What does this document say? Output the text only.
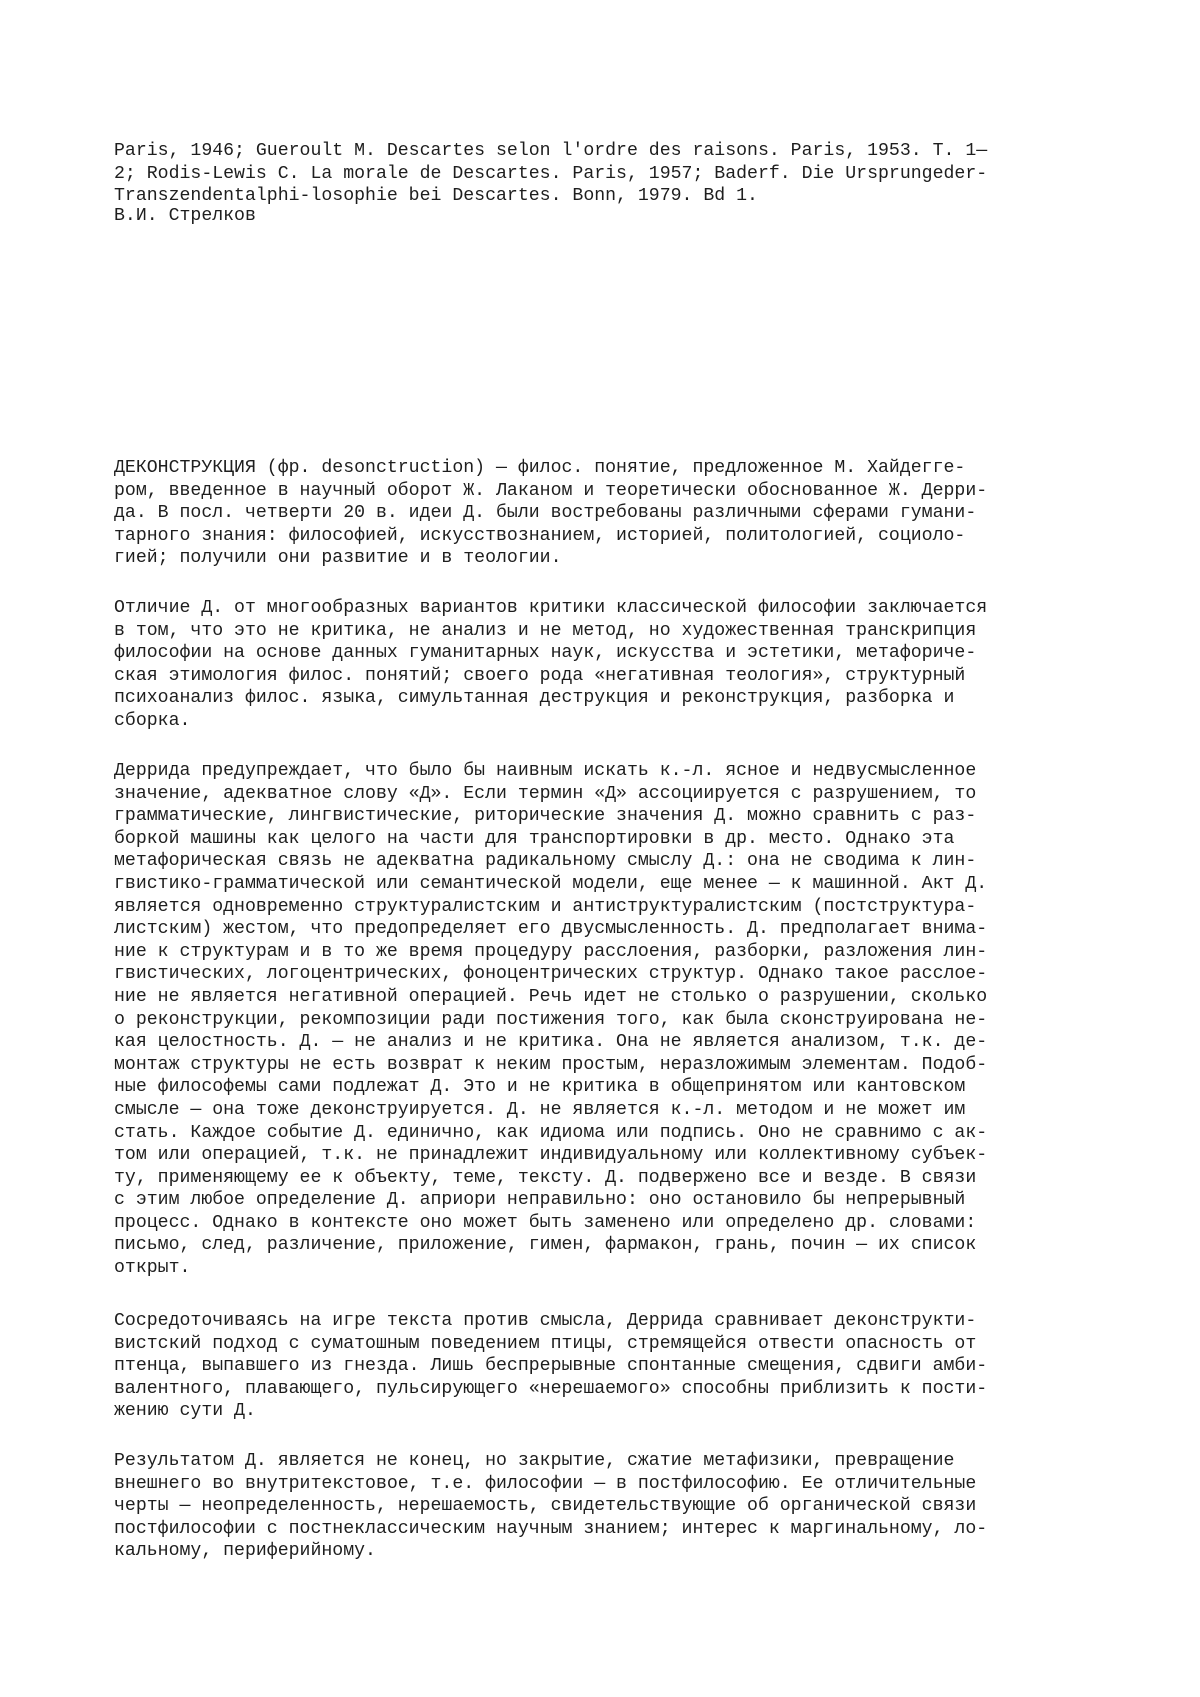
Paris, 1946; Gueroult M. Descartes selon l'ordre des raisons. Paris, 1953. T. 1—
2; Rodis-Lewis C. La morale de Descartes. Paris, 1957; Baderf. Die Ursprungeder-
Transzendentalphi-losophie bei Descartes. Bonn, 1979. Bd 1.
В.И. Стрелков
ДЕКОНСТРУКЦИЯ (фр. desonctruction) — филос. понятие, предложенное М. Хайдегге-
ром, введенное в научный оборот Ж. Лаканом и теоретически обоснованное Ж. Дерри-
да. В посл. четверти 20 в. идеи Д. были востребованы различными сферами гумани-
тарного знания: философией, искусствознанием, историей, политологией, социоло-
гией; получили они развитие и в теологии.
Отличие Д. от многообразных вариантов критики классической философии заключается
в том, что это не критика, не анализ и не метод, но художественная транскрипция
философии на основе данных гуманитарных наук, искусства и эстетики, метафориче-
ская этимология филос. понятий; своего рода «негативная теология», структурный
психоанализ филос. языка, симультанная деструкция и реконструкция, разборка и
сборка.
Деррида предупреждает, что было бы наивным искать к.-л. ясное и недвусмысленное
значение, адекватное слову «Д». Если термин «Д» ассоциируется с разрушением, то
грамматические, лингвистические, риторические значения Д. можно сравнить с раз-
боркой машины как целого на части для транспортировки в др. место. Однако эта
метафорическая связь не адекватна радикальному смыслу Д.: она не сводима к лин-
гвистико-грамматической или семантической модели, еще менее — к машинной. Акт Д.
является одновременно структуралистским и антиструктуралистским (постструктура-
листским) жестом, что предопределяет его двусмысленность. Д. предполагает внима-
ние к структурам и в то же время процедуру расслоения, разборки, разложения лин-
гвистических, логоцентрических, фоноцентрических структур. Однако такое расслое-
ние не является негативной операцией. Речь идет не столько о разрушении, сколько
о реконструкции, рекомпозиции ради постижения того, как была сконструирована не-
кая целостность. Д. — не анализ и не критика. Она не является анализом, т.к. де-
монтаж структуры не есть возврат к неким простым, неразложимым элементам. Подоб-
ные философемы сами подлежат Д. Это и не критика в общепринятом или кантовском
смысле — она тоже деконструируется. Д. не является к.-л. методом и не может им
стать. Каждое событие Д. единично, как идиома или подпись. Оно не сравнимо с ак-
том или операцией, т.к. не принадлежит индивидуальному или коллективному субъек-
ту, применяющему ее к объекту, теме, тексту. Д. подвержено все и везде. В связи
с этим любое определение Д. априори неправильно: оно остановило бы непрерывный
процесс. Однако в контексте оно может быть заменено или определено др. словами:
письмо, след, различение, приложение, гимен, фармакон, грань, почин — их список
открыт.
Сосредоточиваясь на игре текста против смысла, Деррида сравнивает деконструкти-
вистский подход с суматошным поведением птицы, стремящейся отвести опасность от
птенца, выпавшего из гнезда. Лишь беспрерывные спонтанные смещения, сдвиги амби-
валентного, плавающего, пульсирующего «нерешаемого» способны приблизить к пости-
жению сути Д.
Результатом Д. является не конец, но закрытие, сжатие метафизики, превращение
внешнего во внутритекстовое, т.е. философии — в постфилософию. Ее отличительные
черты — неопределенность, нерешаемость, свидетельствующие об органической связи
постфилософии с постнеклассическим научным знанием; интерес к маргинальному, ло-
кальному, периферийному.
